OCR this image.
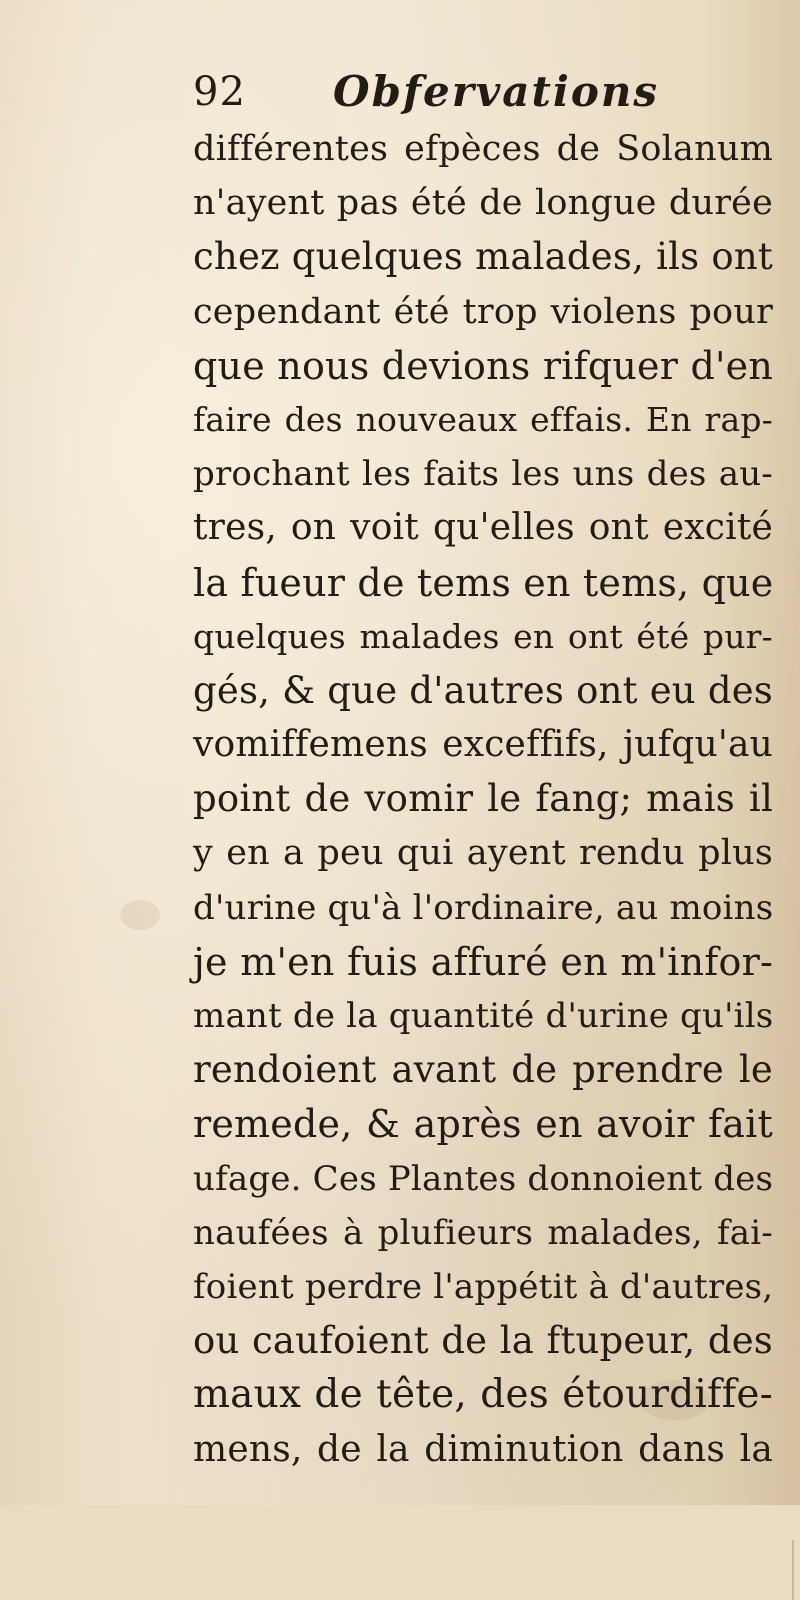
92 Obfervations
différentes efpèces de Solanum
n'ayent pas été de longue durée
chez quelques malades, ils ont
cependant été trop violens pour
que nous devions rifquer d'en
faire des nouveaux effais. En rap-
prochant les faits les uns des au-
tres, on voit qu'elles ont excité
la fueur de tems en tems, que
quelques malades en ont été pur-
gés, & que d'autres ont eu des
vomiffemens exceffifs, jufqu'au
point de vomir le fang; mais il
y en a peu qui ayent rendu plus
d'urine qu'à l'ordinaire, au moins
je m'en fuis affuré en m'infor-
mant de la quantité d'urine qu'ils
rendoient avant de prendre le
remede, & après en avoir fait
ufage. Ces Plantes donnoient des
naufées à plufieurs malades, fai-
foient perdre l'appétit à d'autres,
ou caufoient de la ftupeur, des
maux de tête, des étourdiffe-
mens, de la diminution dans la
